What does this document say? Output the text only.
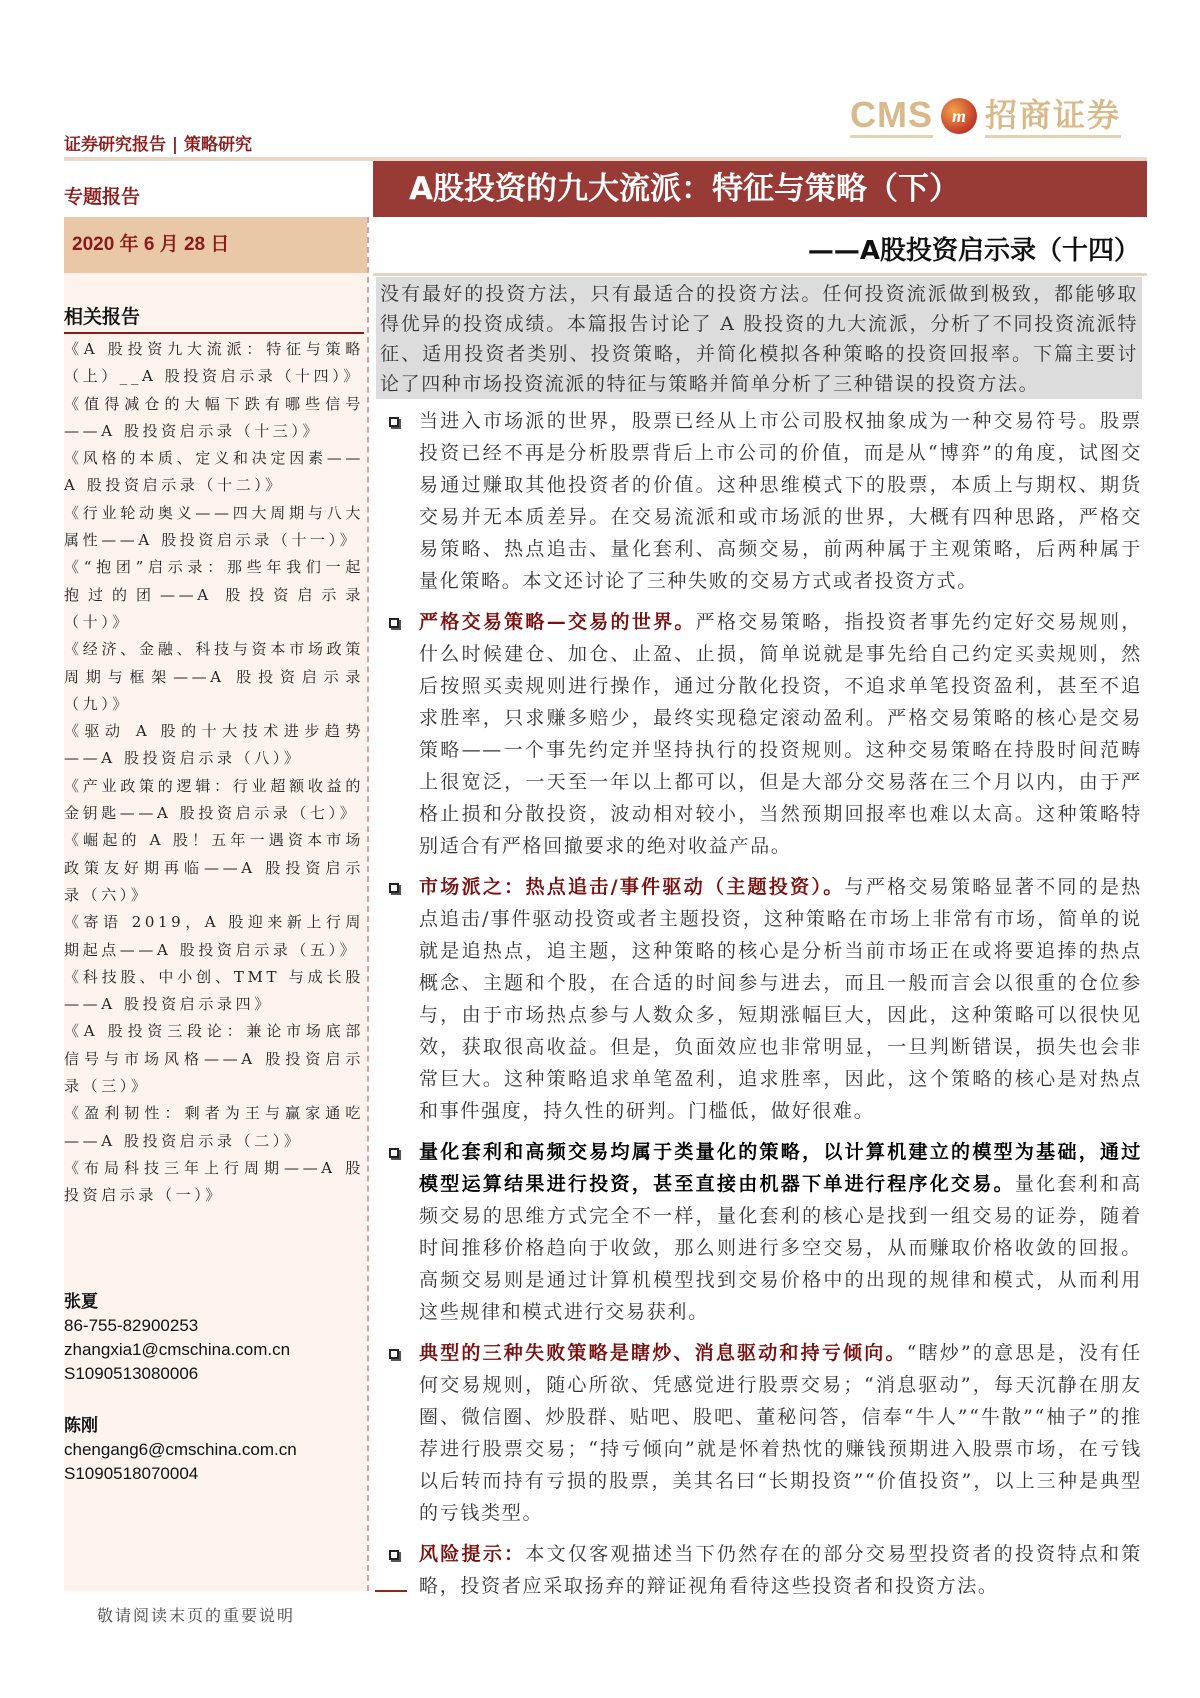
CMS	m 招商证券
证券研究报告 | 策略研究
专题报告	A股投资的九大流派：特征与策略（下）
2020 年 6 月 28 日	——A股投资启示录（十四）
没有最好的投资方法，只有最适合的投资方法。任何投资流派做到极致，都能够取得优异的投资成绩。本篇报告讨论了 A 股投资的九大流派，分析了不同投资流派特征、适用投资者类别、投资策略，并简化模拟各种策略的投资回报率。下篇主要讨论了四种市场投资流派的特征与策略并简单分析了三种错误的投资方法。
相关报告
《A 股投资九大流派：特征与策略（上）__A 股投资启示录（十四）》
《值得减仓的大幅下跌有哪些信号——A 股投资启示录（十三）》
《风格的本质、定义和决定因素——A 股投资启示录（十二）》
《行业轮动奥义——四大周期与八大属性——A 股投资启示录（十一）》
《“抱团”启示录：那些年我们一起抱过的团——A 股投资启示录（十）》
《经济、金融、科技与资本市场政策周期与框架——A 股投资启示录（九）》
《驱动 A 股的十大技术进步趋势——A 股投资启示录（八）》
《产业政策的逻辑：行业超额收益的金钥匙——A 股投资启示录（七）》
《崛起的 A 股！五年一遇资本市场政策友好期再临——A 股投资启示录（六）》
《寄语 2019，A 股迎来新上行周期起点——A 股投资启示录（五）》
《科技股、中小创、TMT 与成长股——A 股投资启示录四》
《A 股投资三段论：兼论市场底部信号与市场风格——A 股投资启示录（三）》
《盈利韧性：剩者为王与赢家通吃——A 股投资启示录（二）》
《布局科技三年上行周期——A 股投资启示录（一）》
张夏
86-755-82900253
zhangxia1@cmschina.com.cn
S1090513080006
陈刚
chengang6@cmschina.com.cn
S1090518070004
当进入市场派的世界，股票已经从上市公司股权抽象成为一种交易符号。股票投资已经不再是分析股票背后上市公司的价值，而是从“博弈”的角度，试图交易通过赚取其他投资者的价值。这种思维模式下的股票，本质上与期权、期货交易并无本质差异。在交易流派和或市场派的世界，大概有四种思路，严格交易策略、热点追击、量化套利、高频交易，前两种属于主观策略，后两种属于量化策略。本文还讨论了三种失败的交易方式或者投资方式。
严格交易策略—交易的世界。严格交易策略，指投资者事先约定好交易规则，什么时候建仓、加仓、止盈、止损，简单说就是事先给自己约定买卖规则，然后按照买卖规则进行操作，通过分散化投资，不追求单笔投资盈利，甚至不追求胜率，只求赚多赔少，最终实现稳定滚动盈利。严格交易策略的核心是交易策略——一个事先约定并坚持执行的投资规则。这种交易策略在持股时间范畴上很宽泛，一天至一年以上都可以，但是大部分交易落在三个月以内，由于严格止损和分散投资，波动相对较小，当然预期回报率也难以太高。这种策略特别适合有严格回撤要求的绝对收益产品。
市场派之：热点追击/事件驱动（主题投资）。与严格交易策略显著不同的是热点追击/事件驱动投资或者主题投资，这种策略在市场上非常有市场，简单的说就是追热点，追主题，这种策略的核心是分析当前市场正在或将要追捧的热点概念、主题和个股，在合适的时间参与进去，而且一般而言会以很重的仓位参与，由于市场热点参与人数众多，短期涨幅巨大，因此，这种策略可以很快见效，获取很高收益。但是，负面效应也非常明显，一旦判断错误，损失也会非常巨大。这种策略追求单笔盈利，追求胜率，因此，这个策略的核心是对热点和事件强度，持久性的研判。门槛低，做好很难。
量化套利和高频交易均属于类量化的策略，以计算机建立的模型为基础，通过模型运算结果进行投资，甚至直接由机器下单进行程序化交易。量化套利和高频交易的思维方式完全不一样，量化套利的核心是找到一组交易的证券，随着时间推移价格趋向于收敛，那么则进行多空交易，从而赚取价格收敛的回报。高频交易则是通过计算机模型找到交易价格中的出现的规律和模式，从而利用这些规律和模式进行交易获利。
典型的三种失败策略是瞎炒、消息驱动和持亏倾向。“瞎炒”的意思是，没有任何交易规则，随心所欲、凭感觉进行股票交易；“消息驱动”，每天沉静在朋友圈、微信圈、炒股群、贴吧、股吧、董秘问答，信奉“牛人”“牛散”“柚子”的推荐进行股票交易；“持亏倾向”就是怀着热忱的赚钱预期进入股票市场，在亏钱以后转而持有亏损的股票，美其名曰“长期投资”“价值投资”，以上三种是典型的亏钱类型。
风险提示：本文仅客观描述当下仍然存在的部分交易型投资者的投资特点和策略，投资者应采取扬弃的辩证视角看待这些投资者和投资方法。
敬请阅读末页的重要说明
